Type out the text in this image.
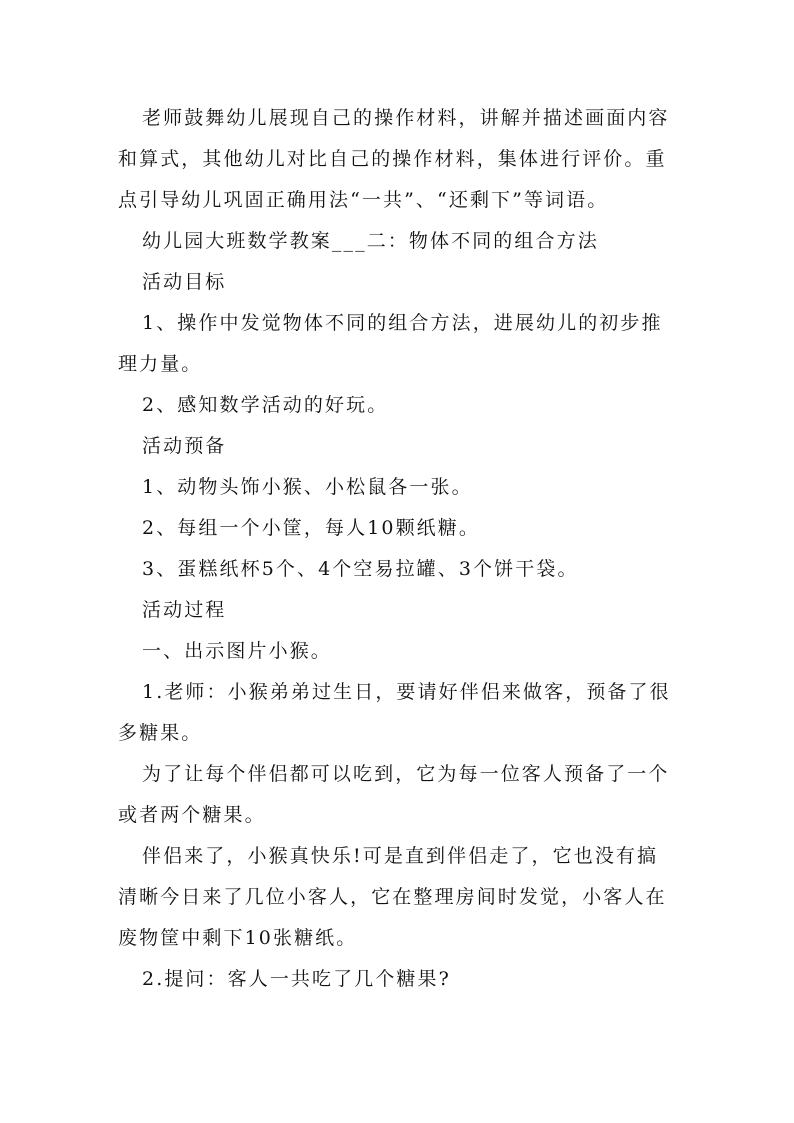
老师鼓舞幼儿展现自己的操作材料，讲解并描述画面内容和算式，其他幼儿对比自己的操作材料，集体进行评价。重点引导幼儿巩固正确用法“一共”、“还剩下”等词语。

幼儿园大班数学教案___二：物体不同的组合方法

活动目标

1、操作中发觉物体不同的组合方法，进展幼儿的初步推理力量。

2、感知数学活动的好玩。

活动预备

1、动物头饰小猴、小松鼠各一张。

2、每组一个小筐，每人10颗纸糖。

3、蛋糕纸杯5个、4个空易拉罐、3个饼干袋。

活动过程

一、出示图片小猴。

1.老师：小猴弟弟过生日，要请好伴侣来做客，预备了很多糖果。

为了让每个伴侣都可以吃到，它为每一位客人预备了一个或者两个糖果。

伴侣来了，小猴真快乐!可是直到伴侣走了，它也没有搞清晰今日来了几位小客人，它在整理房间时发觉，小客人在废物筐中剩下10张糖纸。

2.提问：客人一共吃了几个糖果?
